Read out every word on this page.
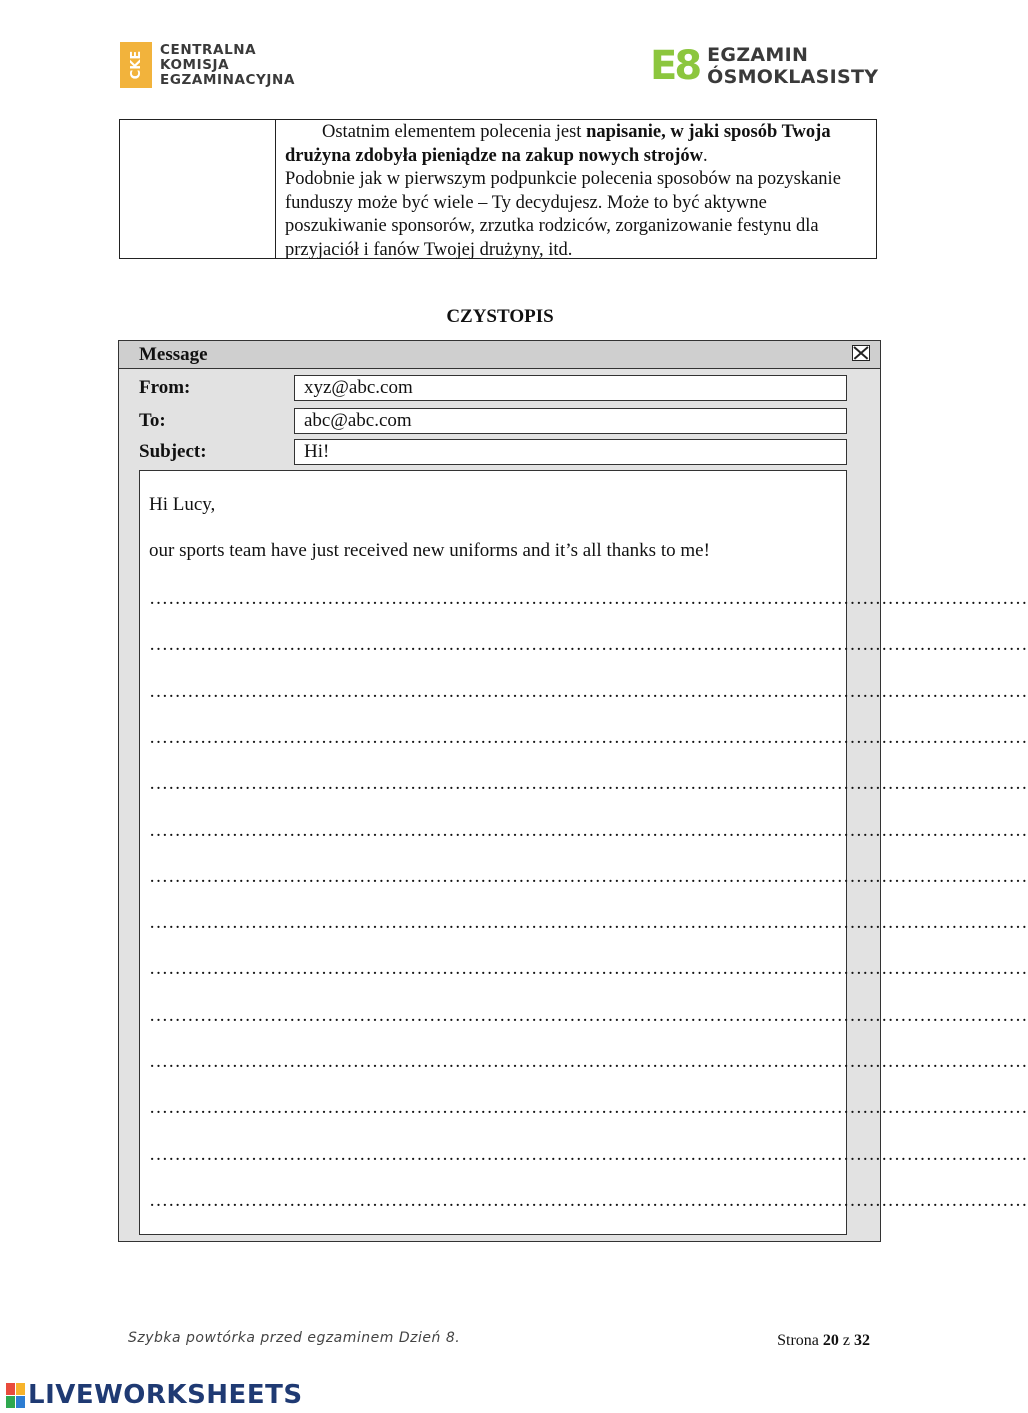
CKE
CENTRALNA
KOMISJA
EGZAMINACYJNA	E8 EGZAMIN
ÓSMOKLASISTY
Ostatnim elementem polecenia jest napisanie, w jaki sposób Twoja drużyna zdobyła pieniądze na zakup nowych strojów.
Podobnie jak w pierwszym podpunkcie polecenia sposobów na pozyskanie funduszy może być wiele – Ty decydujesz. Może to być aktywne poszukiwanie sponsorów, zrzutka rodziców, zorganizowanie festynu dla przyjaciół i fanów Twojej drużyny, itd.
CZYSTOPIS
Message
From:	xyz@abc.com
To:	abc@abc.com
Subject:	Hi!
Hi Lucy,
our sports team have just received new uniforms and it’s all thanks to me!
…………………………………………………………………………………………………………………………
…………………………………………………………………………………………………………………………
…………………………………………………………………………………………………………………………
…………………………………………………………………………………………………………………………
…………………………………………………………………………………………………………………………
…………………………………………………………………………………………………………………………
…………………………………………………………………………………………………………………………
…………………………………………………………………………………………………………………………
…………………………………………………………………………………………………………………………
…………………………………………………………………………………………………………………………
…………………………………………………………………………………………………………………………
…………………………………………………………………………………………………………………………
…………………………………………………………………………………………………………………………
…………………………………………………………………………………………………………………………
Szybka powtórka przed egzaminem Dzień 8.	Strona 20 z 32
LIVEWORKSHEETS
